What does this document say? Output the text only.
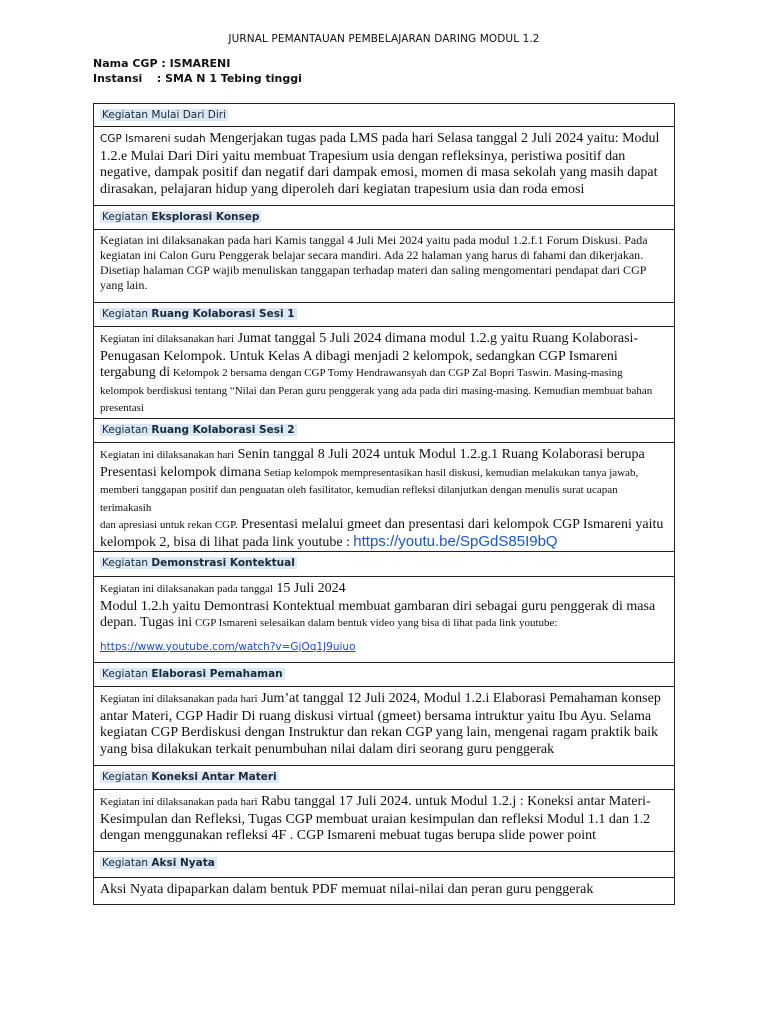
JURNAL PEMANTAUAN PEMBELAJARAN DARING MODUL 1.2
Nama CGP : ISMARENI
Instansi : SMA N 1 Tebing tinggi
Kegiatan Mulai Dari Diri
CGP Ismareni sudah Mengerjakan tugas pada LMS pada hari Selasa tanggal 2 Juli 2024 yaitu: Modul 1.2.e Mulai Dari Diri yaitu membuat Trapesium usia dengan refleksinya, peristiwa positif dan negative, dampak positif dan negatif dari dampak emosi, momen di masa sekolah yang masih dapat dirasakan, pelajaran hidup yang diperoleh dari kegiatan trapesium usia dan roda emosi
Kegiatan Eksplorasi Konsep
Kegiatan ini dilaksanakan pada hari Kamis tanggal 4 Juli Mei 2024 yaitu pada modul 1.2.f.1 Forum Diskusi. Pada kegiatan ini Calon Guru Penggerak belajar secara mandiri. Ada 22 halaman yang harus di fahami dan dikerjakan. Disetiap halaman CGP wajib menuliskan tanggapan terhadap materi dan saling mengomentari pendapat dari CGP yang lain.
Kegiatan Ruang Kolaborasi Sesi 1
Kegiatan ini dilaksanakan hari Jumat tanggal 5 Juli 2024 dimana modul 1.2.g yaitu Ruang Kolaborasi- Penugasan Kelompok. Untuk Kelas A dibagi menjadi 2 kelompok, sedangkan CGP Ismareni tergabung di Kelompok 2 bersama dengan CGP Tomy Hendrawansyah dan CGP Zal Bopri Taswin. Masing-masing kelompok berdiskusi tentang “Nilai dan Peran guru penggerak yang ada pada diri masing-masing. Kemudian membuat bahan presentasi
Kegiatan Ruang Kolaborasi Sesi 2
Kegiatan ini dilaksanakan hari Senin tanggal 8 Juli 2024 untuk Modul 1.2.g.1 Ruang Kolaborasi berupa Presentasi kelompok dimana Setiap kelompok mempresentasikan hasil diskusi, kemudian melakukan tanya jawab, memberi tanggapan positif dan penguatan oleh fasilitator, kemudian refleksi dilanjutkan dengan menulis surat ucapan terimakasih
dan apresiasi untuk rekan CGP. Presentasi melalui gmeet dan presentasi dari kelompok CGP Ismareni yaitu kelompok 2, bisa di lihat pada link youtube : https://youtu.be/SpGdS85I9bQ
Kegiatan Demonstrasi Kontektual
Kegiatan ini dilaksanakan pada tanggal 15 Juli 2024
Modul 1.2.h yaitu Demontrasi Kontektual membuat gambaran diri sebagai guru penggerak di masa depan. Tugas ini CGP Ismareni selesaikan dalam bentuk video yang bisa di lihat pada link youtube:
https://www.youtube.com/watch?v=GjOq1J9uiuo
Kegiatan Elaborasi Pemahaman
Kegiatan ini dilaksanakan pada hari Jum’at tanggal 12 Juli 2024, Modul 1.2.i Elaborasi Pemahaman konsep antar Materi, CGP Hadir Di ruang diskusi virtual (gmeet) bersama intruktur yaitu Ibu Ayu. Selama kegiatan CGP Berdiskusi dengan Instruktur dan rekan CGP yang lain, mengenai ragam praktik baik yang bisa dilakukan terkait penumbuhan nilai dalam diri seorang guru penggerak
Kegiatan Koneksi Antar Materi
Kegiatan ini dilaksanakan pada hari Rabu tanggal 17 Juli 2024. untuk Modul 1.2.j : Koneksi antar Materi- Kesimpulan dan Refleksi, Tugas CGP membuat uraian kesimpulan dan refleksi Modul 1.1 dan 1.2 dengan menggunakan refleksi 4F . CGP Ismareni mebuat tugas berupa slide power point
Kegiatan Aksi Nyata
Aksi Nyata dipaparkan dalam bentuk PDF memuat nilai-nilai dan peran guru penggerak
